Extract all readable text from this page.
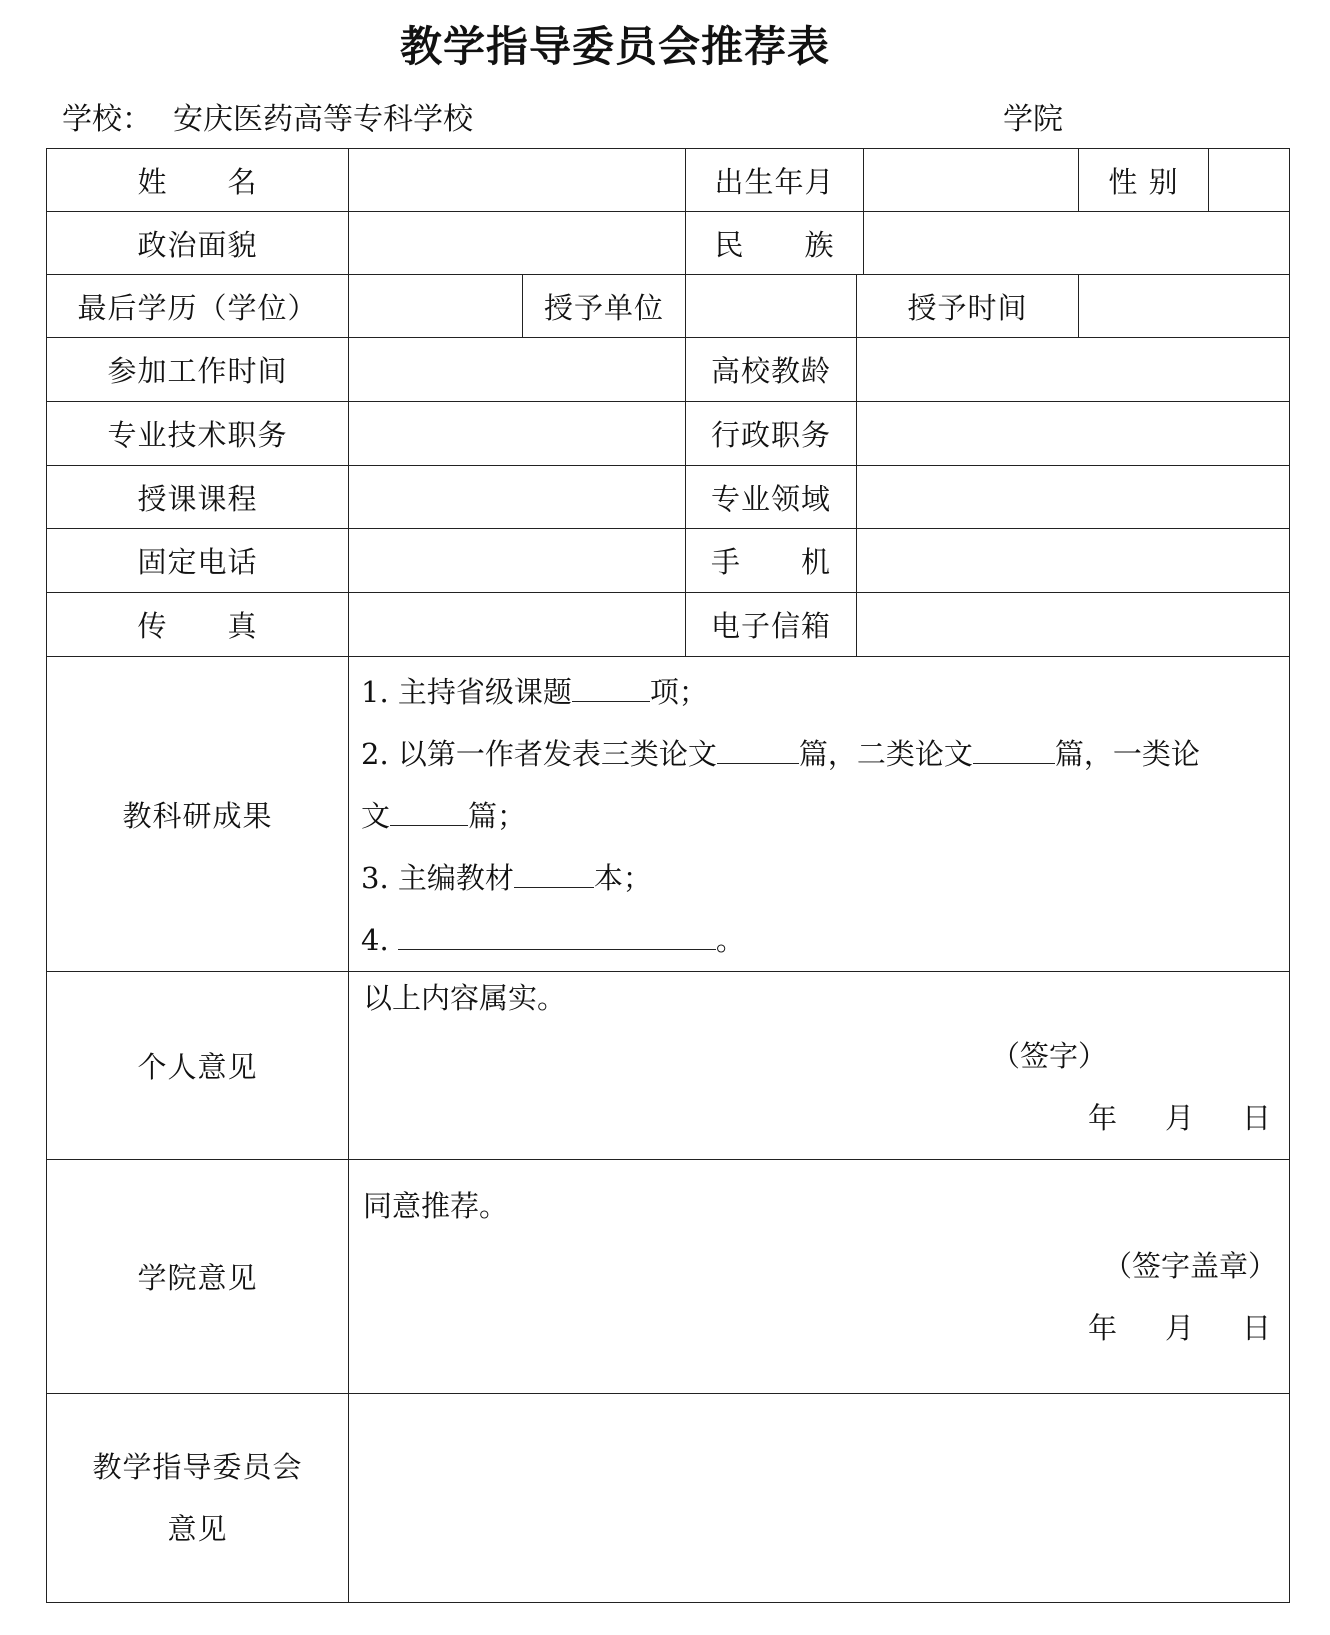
教学指导委员会推荐表
学校： 安庆医药高等专科学校	学院
姓　　名			出生年月			性 别	
政治面貌			民　　族				
最后学历（学位）		授予单位		授予时间			
参加工作时间			高校教龄				
专业技术职务			行政职务				
授课课程			专业领域				
固定电话			手　　机				
传　　真			电子信箱				
教科研成果	1. 主持省级课题 项；
2. 以第一作者发表三类论文 篇，二类论文 篇，一类论
文 篇；
3. 主编教材 本；
4. 。						

个人意见	以上内容属实。
（签字）
年 月 日						

学院意见	同意推荐。
（签字盖章）
年 月 日						

教学指导委员会
意见							
